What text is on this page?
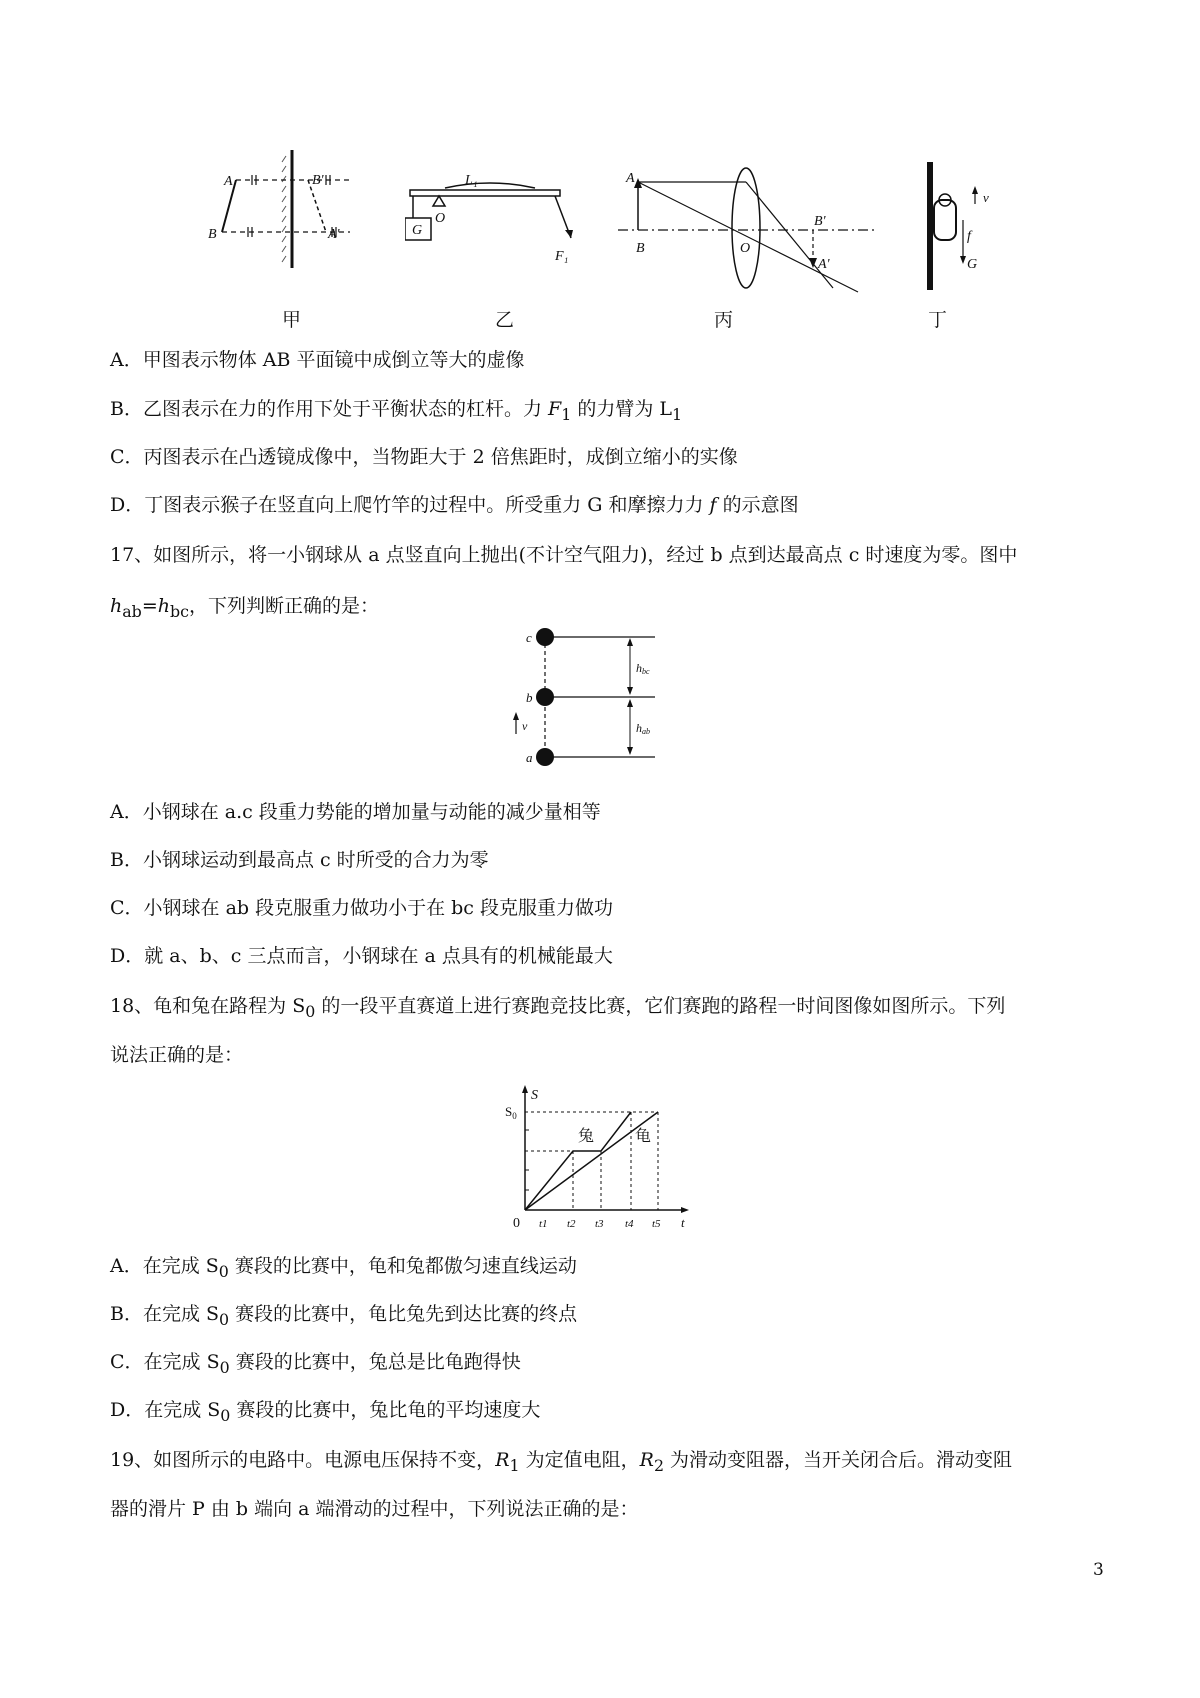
A
B
B'
A'
甲
L₁
O
G
F₁
乙
A
B	O
B'
A'
丙
v
f
G
丁
A．甲图表示物体 AB 平面镜中成倒立等大的虚像
B．乙图表示在力的作用下处于平衡状态的杠杆。力 $F_1$ 的力臂为 $L_1$
C．丙图表示在凸透镜成像中，当物距大于 2 倍焦距时，成倒立缩小的实像
D．丁图表示猴子在竖直向上爬竹竿的过程中。所受重力 G 和摩擦力力 f 的示意图
17、如图所示，将一小钢球从 a 点竖直向上抛出(不计空气阻力)，经过 b 点到达最高点 c 时速度为零。图中
$h_{ab}=h_{bc}$，下列判断正确的是：
c
b
a
hbc
hab
v
A．小钢球在 a.c 段重力势能的增加量与动能的减少量相等
B．小钢球运动到最高点 c 时所受的合力为零
C．小钢球在 ab 段克服重力做功小于在 bc 段克服重力做功
D．就 a、b、c 三点而言，小钢球在 a 点具有的机械能最大
18、龟和兔在路程为 $S_0$ 的一段平直赛道上进行赛跑竞技比赛，它们赛跑的路程一时间图像如图所示。下列
说法正确的是：
S
$S_0$
0	t
t1 t2 t3 t4 t5
兔	龟
A．在完成 $S_0$ 赛段的比赛中，龟和兔都傲匀速直线运动
B．在完成 $S_0$ 赛段的比赛中，龟比兔先到达比赛的终点
C．在完成 $S_0$ 赛段的比赛中，兔总是比龟跑得快
D．在完成 $S_0$ 赛段的比赛中，兔比龟的平均速度大
19、如图所示的电路中。电源电压保持不变，$R_1$ 为定值电阻，$R_2$ 为滑动变阻器，当开关闭合后。滑动变阻
器的滑片 P 由 b 端向 a 端滑动的过程中，下列说法正确的是：
3
